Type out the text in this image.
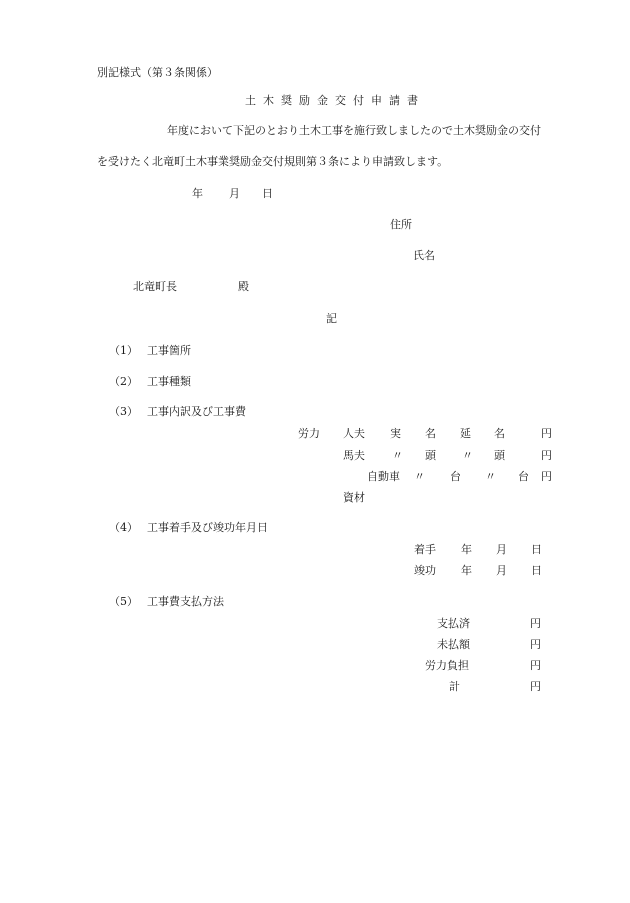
別記様式（第３条関係）
土木奨励金交付申請書
年度において下記のとおり土木工事を施行致しましたので土木奨励金の交付
を受けたく北竜町土木事業奨励金交付規則第３条により申請致します。
年 月 日
住所
氏名
北竜町長	殿
記
（1） 工事箇所
（2） 工事種類
（3） 工事内訳及び工事費
労力 人夫 実 名 延 名	円
馬夫 〃 頭 〃 頭	円
自動車 〃 台 〃 台 円
資材
（4） 工事着手及び竣功年月日
着手 年 月 日
竣功 年 月 日
（5） 工事費支払方法
支払済	円
未払額	円
労力負担	円
計	円
